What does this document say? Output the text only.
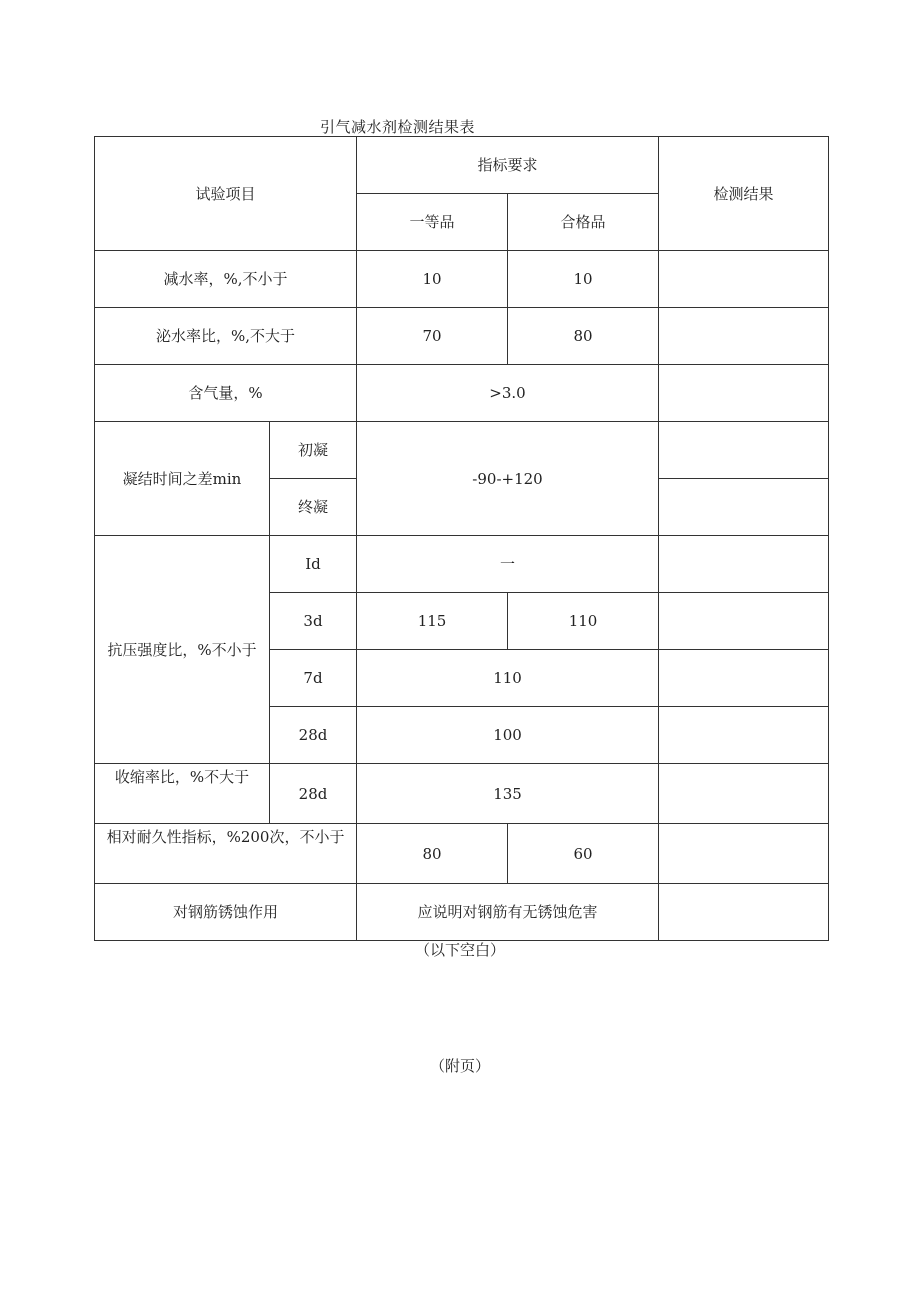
引气减水剂检测结果表
试验项目		指标要求		检测结果
		一等品	合格品	
减水率，%,不小于		10	10	
泌水率比，%,不大于		70	80	
含气量，%		>3.0		
凝结时间之差min	初凝	-90-+120		
	终凝			
抗压强度比，%不小于	Id	一		
	3d	115	110	
	7d	110		
	28d	100		
收缩率比，%不大于	28d	135		
相对耐久性指标，%200次，不小于		80	60	
对钢筋锈蚀作用		应说明对钢筋有无锈蚀危害		
（以下空白）
（附页）
